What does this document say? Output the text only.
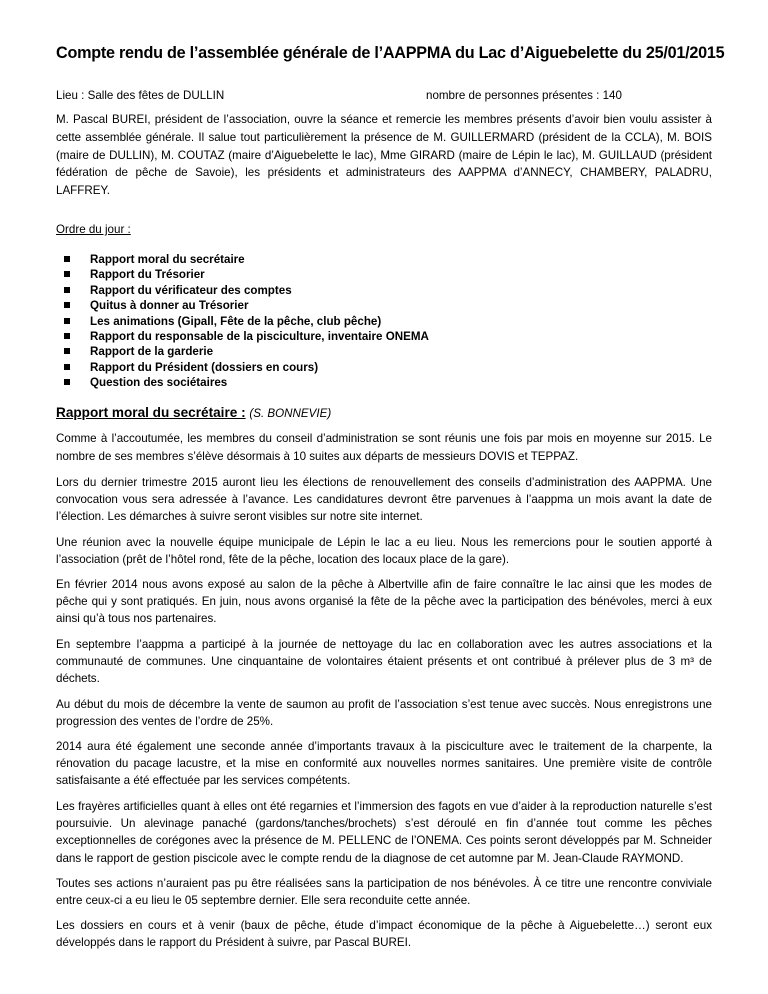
Compte rendu de l’assemblée générale de l’AAPPMA du Lac d’Aiguebelette du 25/01/2015
Lieu : Salle des fêtes de DULLIN	nombre de personnes présentes : 140

M. Pascal BUREI, président de l’association, ouvre la séance et remercie les membres présents d’avoir bien voulu assister à cette assemblée générale. Il salue tout particulièrement la présence de M. GUILLERMARD (président de la CCLA), M. BOIS (maire de DULLIN), M. COUTAZ (maire d’Aiguebelette le lac), Mme GIRARD (maire de Lépin le lac), M. GUILLAUD (président fédération de pêche de Savoie), les présidents et administrateurs des AAPPMA d’ANNECY, CHAMBERY, PALADRU, LAFFREY.

Ordre du jour :
Rapport moral du secrétaire
Rapport du Trésorier
Rapport du vérificateur des comptes
Quitus à donner au Trésorier
Les animations (Gipall, Fête de la pêche, club pêche)
Rapport du responsable de la pisciculture, inventaire ONEMA
Rapport de la garderie
Rapport du Président (dossiers en cours)
Question des sociétaires
Rapport moral du secrétaire : (S. BONNEVIE)

Comme à l’accoutumée, les membres du conseil d’administration se sont réunis une fois par mois en moyenne sur 2015. Le nombre de ses membres s’élève désormais à 10 suites aux départs de messieurs DOVIS et TEPPAZ.

Lors du dernier trimestre 2015 auront lieu les élections de renouvellement des conseils d’administration des AAPPMA. Une convocation vous sera adressée à l’avance. Les candidatures devront être parvenues à l’aappma un mois avant la date de l’élection. Les démarches à suivre seront visibles sur notre site internet.

Une réunion avec la nouvelle équipe municipale de Lépin le lac a eu lieu. Nous les remercions pour le soutien apporté à l’association (prêt de l’hôtel rond, fête de la pêche, location des locaux place de la gare).

En février 2014 nous avons exposé au salon de la pêche à Albertville afin de faire connaître le lac ainsi que les modes de pêche qui y sont pratiqués. En juin, nous avons organisé la fête de la pêche avec la participation des bénévoles, merci à eux ainsi qu’à tous nos partenaires.

En septembre l’aappma a participé à la journée de nettoyage du lac en collaboration avec les autres associations et la communauté de communes. Une cinquantaine de volontaires étaient présents et ont contribué à prélever plus de 3 m³ de déchets.

Au début du mois de décembre la vente de saumon au profit de l’association s’est tenue avec succès. Nous enregistrons une progression des ventes de l’ordre de 25%.

2014 aura été également une seconde année d’importants travaux à la pisciculture avec le traitement de la charpente, la rénovation du pacage lacustre, et la mise en conformité aux nouvelles normes sanitaires. Une première visite de contrôle satisfaisante a été effectuée par les services compétents.

Les frayères artificielles quant à elles ont été regarnies et l’immersion des fagots en vue d’aider à la reproduction naturelle s’est poursuivie. Un alevinage panaché (gardons/tanches/brochets) s’est déroulé en fin d’année tout comme les pêches exceptionnelles de corégones avec la présence de M. PELLENC de l’ONEMA. Ces points seront développés par M. Schneider dans le rapport de gestion piscicole avec le compte rendu de la diagnose de cet automne par M. Jean-Claude RAYMOND.

Toutes ses actions n’auraient pas pu être réalisées sans la participation de nos bénévoles. À ce titre une rencontre conviviale entre ceux-ci a eu lieu le 05 septembre dernier. Elle sera reconduite cette année.

Les dossiers en cours et à venir (baux de pêche, étude d’impact économique de la pêche à Aiguebelette…) seront eux développés dans le rapport du Président à suivre, par Pascal BUREI.
